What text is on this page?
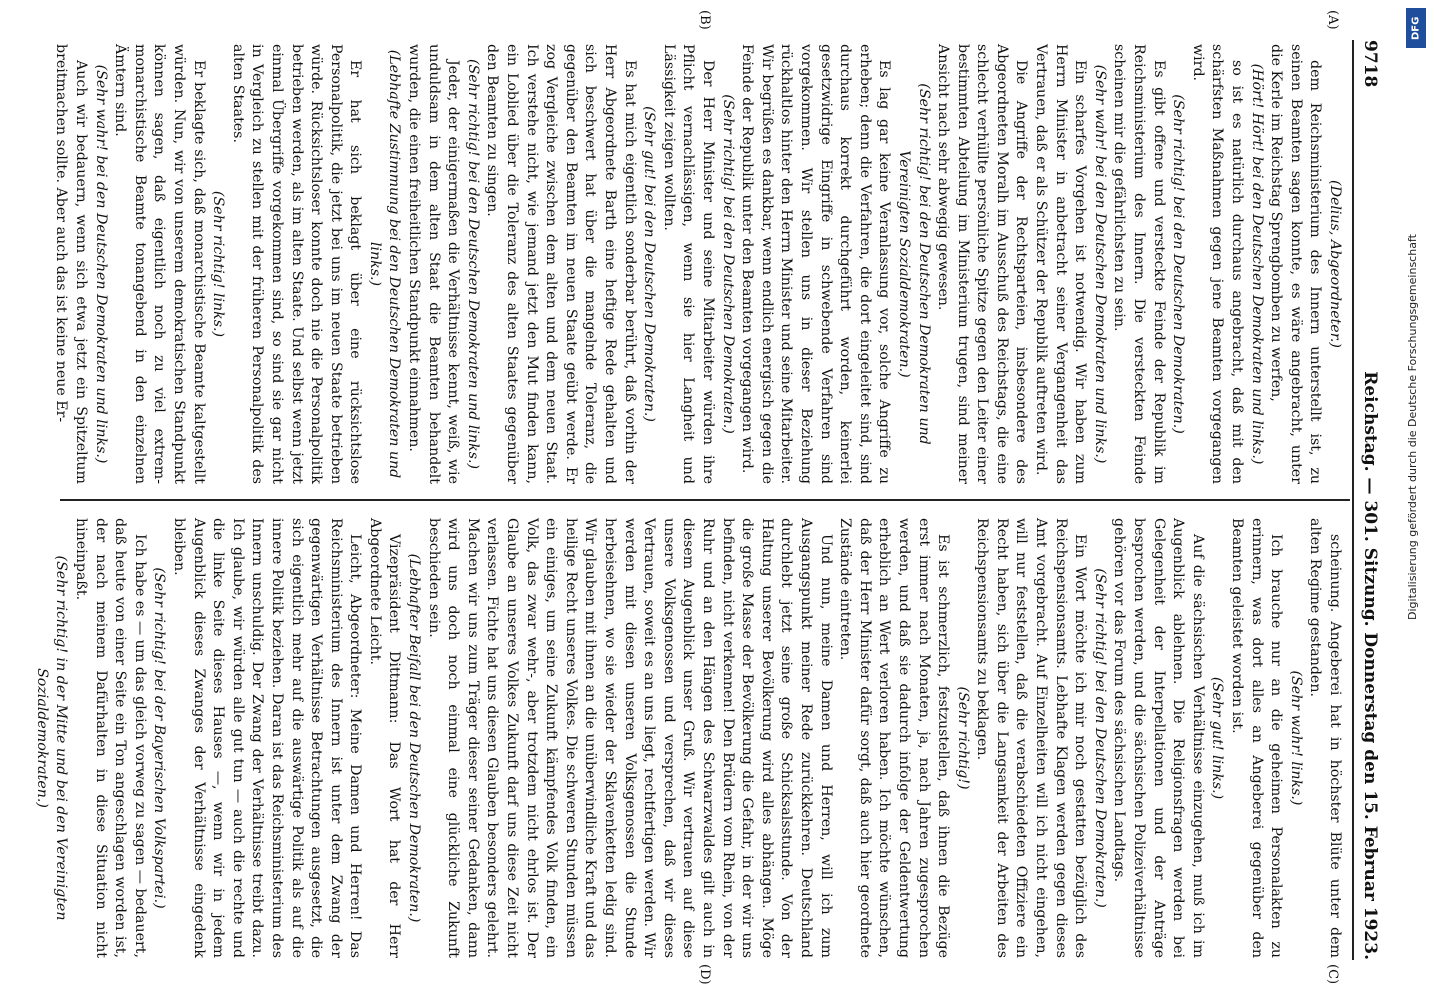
9718
Reichstag. — 301. Sitzung. Donnerstag den 15. Februar 1923.
(A)
(B)
(C)
(D)

(Delius, Abgeordneter.)

dem Reichsministerium des Innern unterstellt ist, zu seinen Beamten sagen konnte, es wäre angebracht, unter die Kerle im Reichstag Sprengbomben zu werfen,

(Hört! Hört! bei den Deutschen Demokraten und links.)

so ist es natürlich durchaus angebracht, daß mit den schärfsten Maßnahmen gegen jene Beamten vorgegangen wird.

(Sehr richtig! bei den Deutschen Demokraten.)

Es gibt offene und versteckte Feinde der Republik im Reichsministerium des Innern. Die versteckten Feinde scheinen mir die gefährlichsten zu sein.

(Sehr wahr! bei den Deutschen Demokraten und links.)

Ein scharfes Vorgehen ist notwendig. Wir haben zum Herrn Minister in anbetracht seiner Vergangenheit das Vertrauen, daß er als Schützer der Republik auftreten wird.

Die Angriffe der Rechtsparteien, insbesondere des Abgeordneten Moralh im Ausschuß des Reichstags, die eine schlecht verhüllte persönliche Spitze gegen den Leiter einer bestimmten Abteilung im Ministerium trugen, sind meiner Ansicht nach sehr abwegig gewesen.

(Sehr richtig! bei den Deutschen Demokraten und Vereinigten Sozialdemokraten.)

Es lag gar keine Veranlassung vor, solche Angriffe zu erheben; denn die Verfahren, die dort eingeleitet sind, sind durchaus korrekt durchgeführt worden, keinerlei gesetzwidrige Eingriffe in schwebende Verfahren sind vorgekommen. Wir stellen uns in dieser Beziehung rückhaltlos hinter den Herrn Minister und seine Mitarbeiter. Wir begrüßen es dankbar, wenn endlich energisch gegen die Feinde der Republik unter den Beamten vorgegangen wird.

(Sehr richtig! bei den Deutschen Demokraten.)

Der Herr Minister und seine Mitarbeiter würden ihre Pflicht vernachlässigen, wenn sie hier Langheit und Lässigkeit zeigen wollten.

(Sehr gut! bei den Deutschen Demokraten.)

Es hat mich eigentlich sonderbar berührt, daß vorhin der Herr Abgeordnete Barth eine heftige Rede gehalten und sich beschwert hat über die mangelnde Toleranz, die gegenüber den Beamten im neuen Staate geübt werde. Er zog Vergleiche zwischen dem alten und dem neuen Staat. Ich verstehe nicht, wie jemand jetzt den Mut finden kann, ein Loblied über die Toleranz des alten Staates gegenüber den Beamten zu singen.

(Sehr richtig! bei den Deutschen Demokraten und links.)

Jeder, der einigermaßen die Verhältnisse kennt, weiß, wie unduldsam in dem alten Staat die Beamten behandelt wurden, die einen freiheitlichen Standpunkt einnahmen.

(Lebhafte Zustimmung bei den Deutschen Demokraten und links.)

Er hat sich beklagt über eine rücksichtslose Personalpolitik, die jetzt bei uns im neuen Staate betrieben würde. Rücksichtsloser konnte doch nie die Personalpolitik betrieben werden, als im alten Staate. Und selbst wenn jetzt einmal Übergriffe vorgekommen sind, so sind sie gar nicht in Vergleich zu stellen mit der früheren Personalpolitik des alten Staates.

(Sehr richtig! links.)

Er beklagte sich, daß monarchistische Beamte kaltgestellt würden. Nun, wir von unserem demokratischen Standpunkt können sagen, daß eigentlich noch zu viel extrem-monarchistische Beamte tonangebend in den einzelnen Ämtern sind.

(Sehr wahr! bei den Deutschen Demokraten und links.)

Auch wir bedauern, wenn sich etwa jetzt ein Spitzeltum breitmachen sollte. Aber auch das ist keine neue Er-

scheinung. Angeberei hat in höchster Blüte unter dem alten Regime gestanden.

(Sehr wahr! links.)

Ich brauche nur an die geheimen Personalakten zu erinnern, was dort alles an Angeberei gegenüber den Beamten geleistet worden ist.

(Sehr gut! links.)

Auf die sächsischen Verhältnisse einzugehen, muß ich im Augenblick ablehnen. Die Religionsfragen werden bei Gelegenheit der Interpellationen und der Anträge besprochen werden, und die sächsischen Polizeiverhältnisse gehören vor das Forum des sächsischen Landtags.

(Sehr richtig! bei den Deutschen Demokraten.)

Ein Wort möchte ich mir noch gestatten bezüglich des Reichspensionsamts. Lebhafte Klagen werden gegen dieses Amt vorgebracht. Auf Einzelheiten will ich nicht eingehen, will nur feststellen, daß die verabschiedeten Offiziere ein Recht haben, sich über die Langsamkeit der Arbeiten des Reichspensionsamts zu beklagen.

(Sehr richtig!)

Es ist schmerzlich, festzustellen, daß ihnen die Bezüge erst immer nach Monaten, ja, nach Jahren zugesprochen werden, und daß sie dadurch infolge der Geldentwertung erheblich an Wert verloren haben. Ich möchte wünschen, daß der Herr Minister dafür sorgt, daß auch hier geordnete Zustände eintreten.

Und nun, meine Damen und Herren, will ich zum Ausgangspunkt meiner Rede zurückkehren. Deutschland durchlebt jetzt seine große Schicksalsstunde. Von der Haltung unserer Bevölkerung wird alles abhängen. Möge die große Masse der Bevölkerung die Gefahr, in der wir uns befinden, nicht verkennen! Den Brüdern vom Rhein, von der Ruhr und an den Hängen des Schwarzwaldes gilt auch in diesem Augenblick unser Gruß. Wir vertrauen auf diese unsere Volksgenossen und versprechen, daß wir dieses Vertrauen, soweit es an uns liegt, rechtfertigen werden. Wir werden mit diesen unseren Volksgenossen die Stunde herbeisehnen, wo sie wieder der Sklavenketten ledig sind. Wir glauben mit ihnen an die unüberwindliche Kraft und das heilige Recht unseres Volkes. Die schweren Stunden müssen ein einiges, um seine Zukunft kämpfendes Volk finden, ein Volk, das zwar wehr-, aber trotzdem nicht ehrlos ist. Der Glaube an unseres Volkes Zukunft darf uns diese Zeit nicht verlassen. Fichte hat uns diesen Glauben besonders gelehrt. Machen wir uns zum Träger dieser seiner Gedanken, dann wird uns doch noch einmal eine glückliche Zukunft beschieden sein.

(Lebhafter Beifall bei den Deutschen Demokraten.)

Vizepräsident Dittmann: Das Wort hat der Herr Abgeordnete Leicht.

Leicht, Abgeordneter: Meine Damen und Herren! Das Reichsministerium des Innern ist unter dem Zwang der gegenwärtigen Verhältnisse Betrachtungen ausgesetzt, die sich eigentlich mehr auf die auswärtige Politik als auf die innere Politik beziehen. Daran ist das Reichsministerium des Innern unschuldig. Der Zwang der Verhältnisse treibt dazu. Ich glaube, wir würden alle gut tun — auch die rechte und die linke Seite dieses Hauses —, wenn wir in jedem Augenblick dieses Zwanges der Verhältnisse eingedenk bleiben.

(Sehr richtig! bei der Bayerischen Volkspartei.)

Ich habe es — um das gleich vorweg zu sagen — bedauert, daß heute von einer Seite ein Ton angeschlagen worden ist, der nach meinem Dafürhalten in diese Situation nicht hineinpaßt.

(Sehr richtig! in der Mitte und bei den Vereinigten Sozialdemokraten.)

DFG
Digitalisierung gefördert durch die Deutsche Forschungsgemeinschaft
